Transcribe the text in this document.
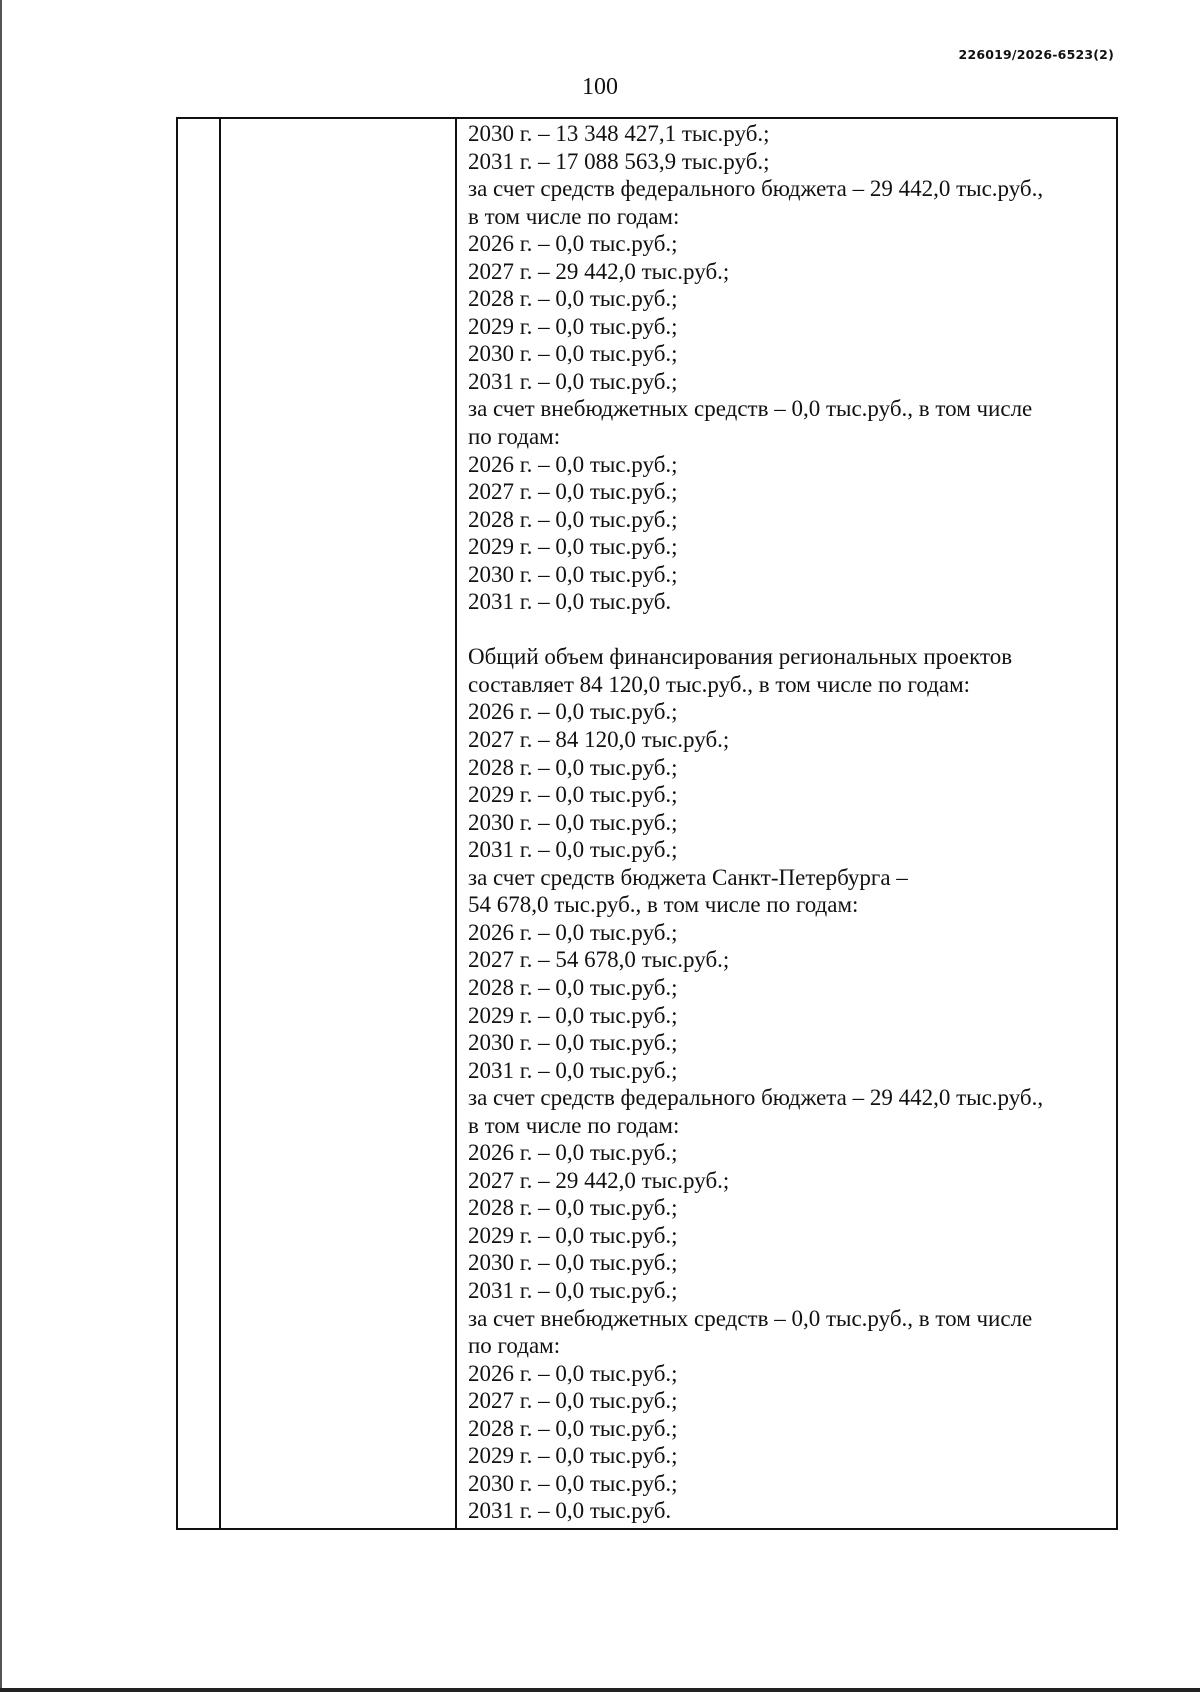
226019/2026-6523(2)
100
2030 г. – 13 348 427,1 тыс.руб.;
2031 г. – 17 088 563,9 тыс.руб.;
за счет средств федерального бюджета – 29 442,0 тыс.руб.,
в том числе по годам:
2026 г. – 0,0 тыс.руб.;
2027 г. – 29 442,0 тыс.руб.;
2028 г. – 0,0 тыс.руб.;
2029 г. – 0,0 тыс.руб.;
2030 г. – 0,0 тыс.руб.;
2031 г. – 0,0 тыс.руб.;
за счет внебюджетных средств – 0,0 тыс.руб., в том числе
по годам:
2026 г. – 0,0 тыс.руб.;
2027 г. – 0,0 тыс.руб.;
2028 г. – 0,0 тыс.руб.;
2029 г. – 0,0 тыс.руб.;
2030 г. – 0,0 тыс.руб.;
2031 г. – 0,0 тыс.руб.
Общий объем финансирования региональных проектов
составляет 84 120,0 тыс.руб., в том числе по годам:
2026 г. – 0,0 тыс.руб.;
2027 г. – 84 120,0 тыс.руб.;
2028 г. – 0,0 тыс.руб.;
2029 г. – 0,0 тыс.руб.;
2030 г. – 0,0 тыс.руб.;
2031 г. – 0,0 тыс.руб.;
за счет средств бюджета Санкт-Петербурга –
54 678,0 тыс.руб., в том числе по годам:
2026 г. – 0,0 тыс.руб.;
2027 г. – 54 678,0 тыс.руб.;
2028 г. – 0,0 тыс.руб.;
2029 г. – 0,0 тыс.руб.;
2030 г. – 0,0 тыс.руб.;
2031 г. – 0,0 тыс.руб.;
за счет средств федерального бюджета – 29 442,0 тыс.руб.,
в том числе по годам:
2026 г. – 0,0 тыс.руб.;
2027 г. – 29 442,0 тыс.руб.;
2028 г. – 0,0 тыс.руб.;
2029 г. – 0,0 тыс.руб.;
2030 г. – 0,0 тыс.руб.;
2031 г. – 0,0 тыс.руб.;
за счет внебюджетных средств – 0,0 тыс.руб., в том числе
по годам:
2026 г. – 0,0 тыс.руб.;
2027 г. – 0,0 тыс.руб.;
2028 г. – 0,0 тыс.руб.;
2029 г. – 0,0 тыс.руб.;
2030 г. – 0,0 тыс.руб.;
2031 г. – 0,0 тыс.руб.
